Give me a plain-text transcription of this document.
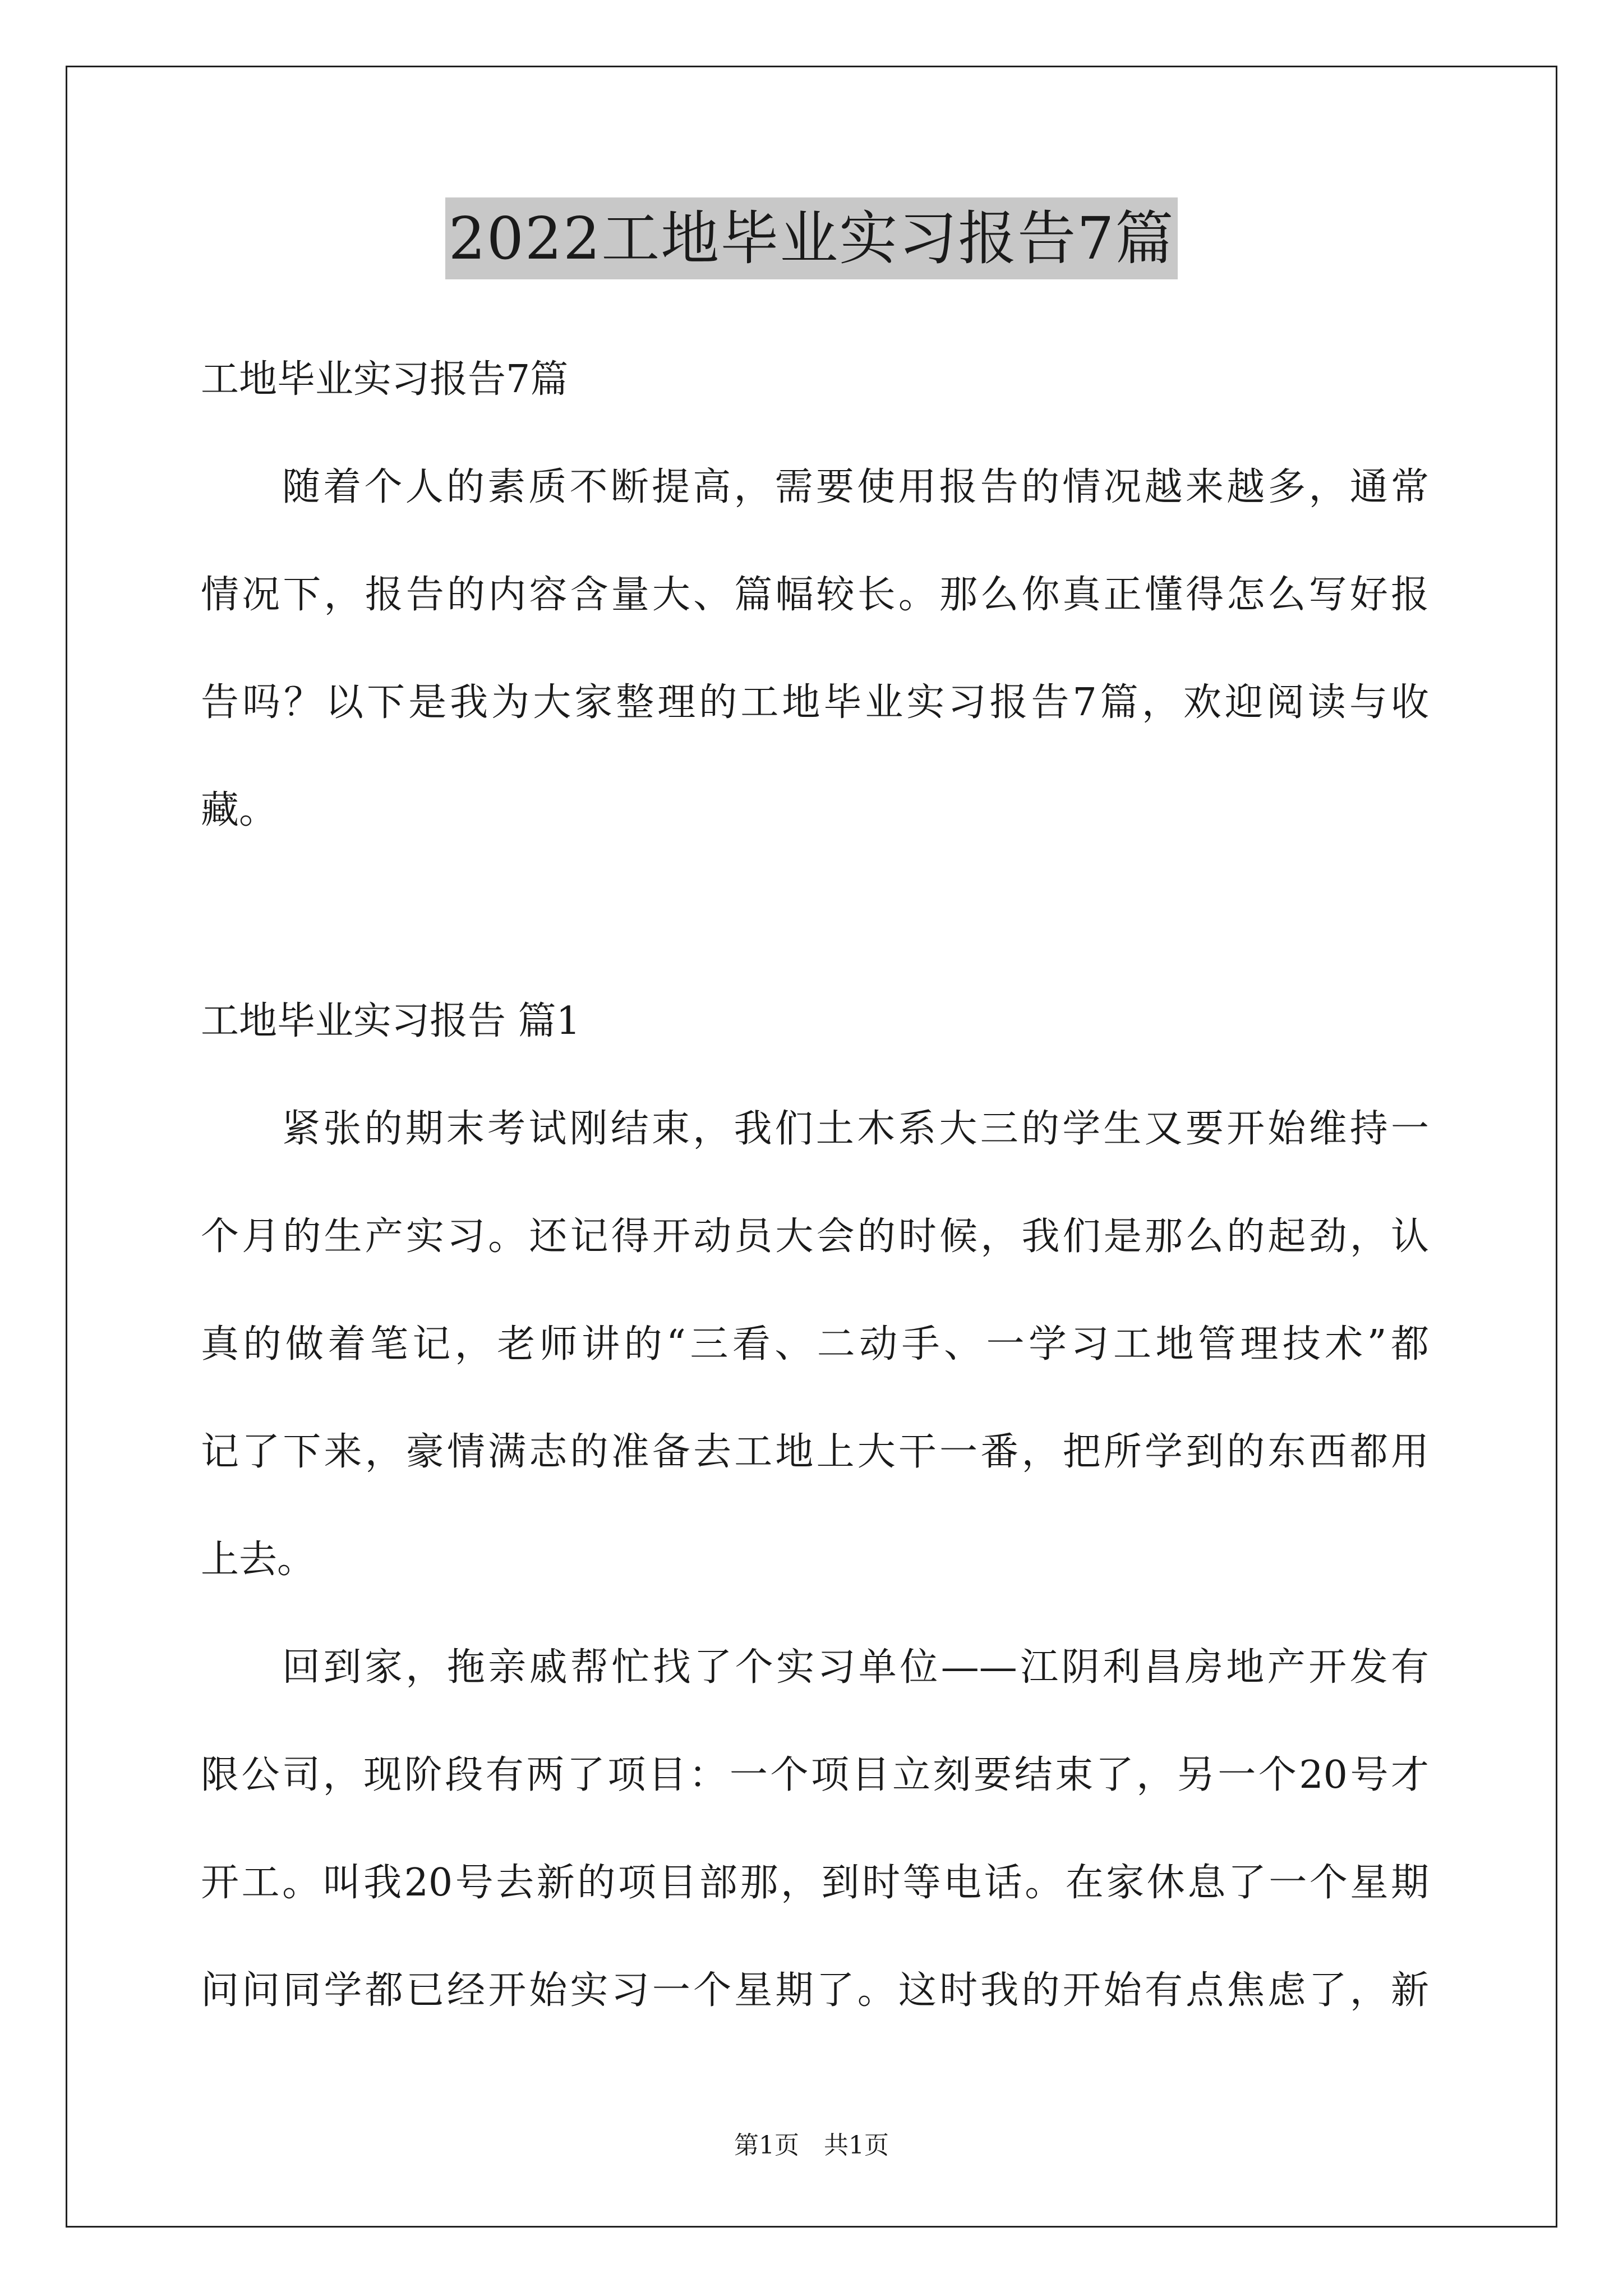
2022工地毕业实习报告7篇
工地毕业实习报告7篇
随着个人的素质不断提高，需要使用报告的情况越来越多，通常
情况下，报告的内容含量大、篇幅较长。那么你真正懂得怎么写好报
告吗？以下是我为大家整理的工地毕业实习报告7篇，欢迎阅读与收
藏。
工地毕业实习报告 篇1
紧张的期末考试刚结束，我们土木系大三的学生又要开始维持一
个月的生产实习。还记得开动员大会的时候，我们是那么的起劲，认
真的做着笔记，老师讲的“三看、二动手、一学习工地管理技术”都
记了下来，豪情满志的准备去工地上大干一番，把所学到的东西都用
上去。
回到家，拖亲戚帮忙找了个实习单位——江阴利昌房地产开发有
限公司，现阶段有两了项目：一个项目立刻要结束了，另一个20号才
开工。叫我20号去新的项目部那，到时等电话。在家休息了一个星期
问问同学都已经开始实习一个星期了。这时我的开始有点焦虑了，新
第1页　共1页
